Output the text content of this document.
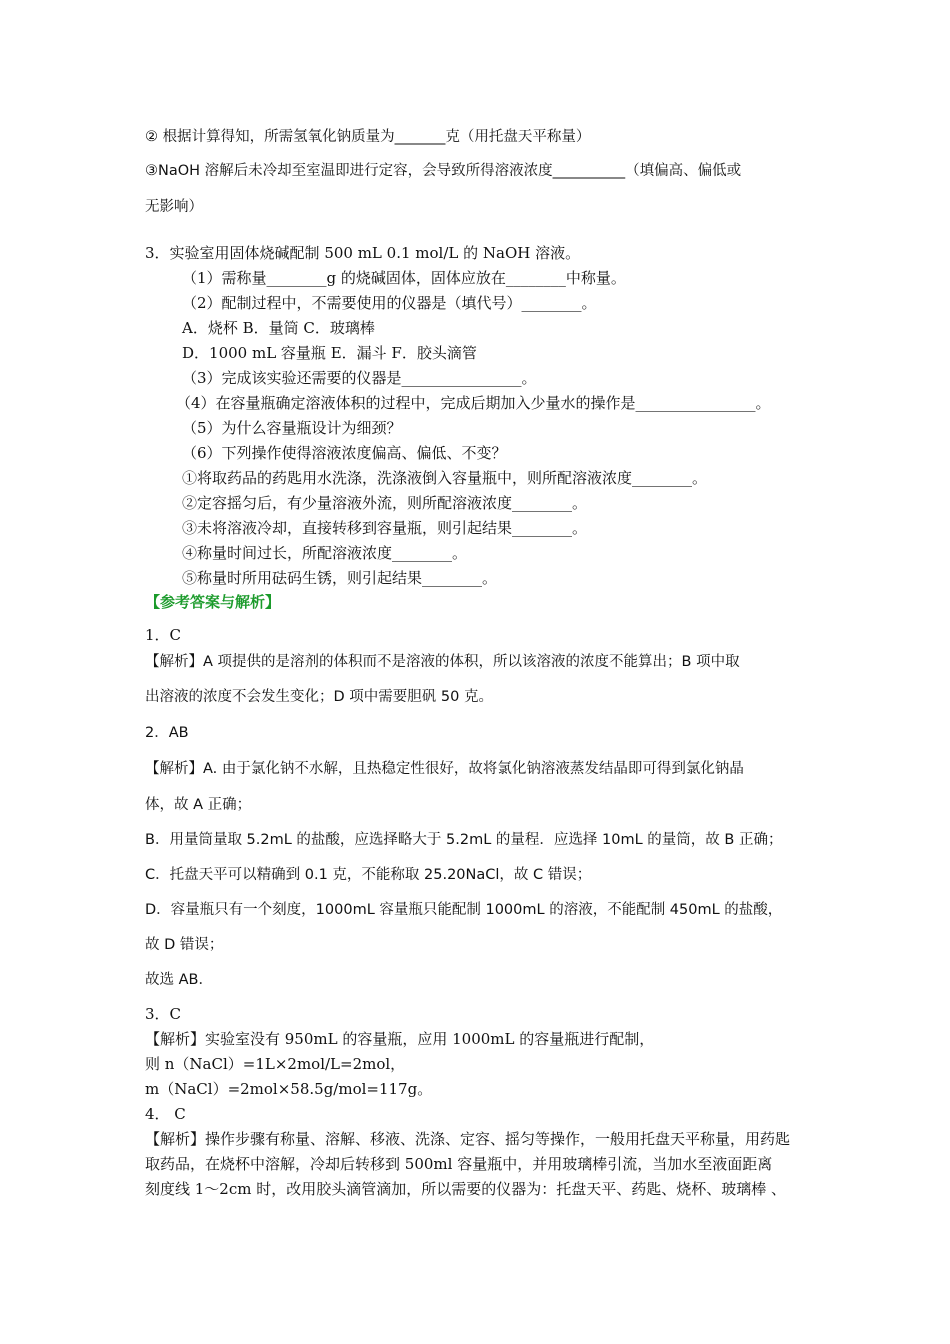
② 根据计算得知，所需氢氧化钠质量为_______克（用托盘天平称量）
③NaOH 溶解后未冷却至室温即进行定容，会导致所得溶液浓度__________（填偏高、偏低或
无影响）
3．实验室用固体烧碱配制 500 mL 0.1 mol/L 的 NaOH 溶液。
（1）需称量________g 的烧碱固体，固体应放在________中称量。
（2）配制过程中，不需要使用的仪器是（填代号）________。
A．烧杯 B．量筒 C．玻璃棒
D．1000 mL 容量瓶 E．漏斗 F．胶头滴管
（3）完成该实验还需要的仪器是________________。
（4）在容量瓶确定溶液体积的过程中，完成后期加入少量水的操作是________________。
（5）为什么容量瓶设计为细颈？
（6）下列操作使得溶液浓度偏高、偏低、不变？
①将取药品的药匙用水洗涤，洗涤液倒入容量瓶中，则所配溶液浓度________。
②定容摇匀后，有少量溶液外流，则所配溶液浓度________。
③未将溶液冷却，直接转移到容量瓶，则引起结果________。
④称量时间过长，所配溶液浓度________。
⑤称量时所用砝码生锈，则引起结果________。
【参考答案与解析】
1．C
【解析】A 项提供的是溶剂的体积而不是溶液的体积，所以该溶液的浓度不能算出；B 项中取
出溶液的浓度不会发生变化；D 项中需要胆矾 50 克。
2．AB
【解析】A. 由于氯化钠不水解，且热稳定性很好，故将氯化钠溶液蒸发结晶即可得到氯化钠晶
体，故 A 正确；
B．用量筒量取 5.2mL 的盐酸，应选择略大于 5.2mL 的量程．应选择 10mL 的量筒，故 B 正确；
C．托盘天平可以精确到 0.1 克，不能称取 25.20NaCl，故 C 错误；
D．容量瓶只有一个刻度，1000mL 容量瓶只能配制 1000mL 的溶液，不能配制 450mL 的盐酸，
故 D 错误；
故选 AB．
3．C
【解析】实验室没有 950mL 的容量瓶，应用 1000mL 的容量瓶进行配制，
则 n（NaCl）=1L×2mol/L=2mol，
m（NaCl）=2mol×58.5g/mol=117g。
4． C
【解析】操作步骤有称量、溶解、移液、洗涤、定容、摇匀等操作，一般用托盘天平称量，用药匙
取药品，在烧杯中溶解，冷却后转移到 500ml 容量瓶中，并用玻璃棒引流，当加水至液面距离
刻度线 1～2cm 时，改用胶头滴管滴加，所以需要的仪器为：托盘天平、药匙、烧杯、玻璃棒 、
